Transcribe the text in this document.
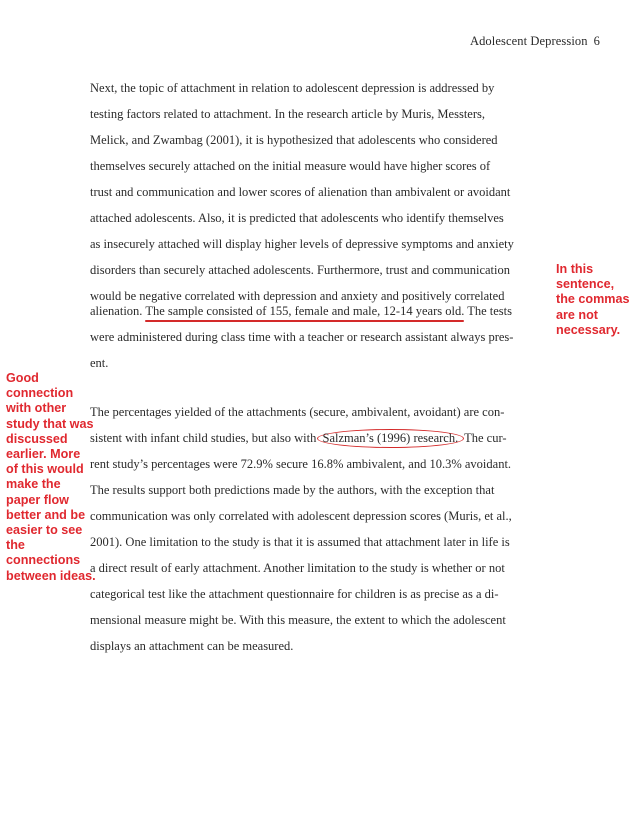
Adolescent Depression 6
Next, the topic of attachment in relation to adolescent depression is addressed by
testing factors related to attachment. In the research article by Muris, Messters,
Melick, and Zwambag (2001), it is hypothesized that adolescents who considered
themselves securely attached on the initial measure would have higher scores of
trust and communication and lower scores of alienation than ambivalent or avoidant
attached adolescents. Also, it is predicted that adolescents who identify themselves
as insecurely attached will display higher levels of depressive symptoms and anxiety
disorders than securely attached adolescents. Furthermore, trust and communication
would be negative correlated with depression and anxiety and positively correlated
alienation. The sample consisted of 155, female and male, 12-14 years old. The tests
were administered during class time with a teacher or research assistant always pres-
ent.
The percentages yielded of the attachments (secure, ambivalent, avoidant) are con-
sistent with infant child studies, but also with Salzman’s (1996) research. The cur-
rent study’s percentages were 72.9% secure 16.8% ambivalent, and 10.3% avoidant.
The results support both predictions made by the authors, with the exception that
communication was only correlated with adolescent depression scores (Muris, et al.,
2001). One limitation to the study is that it is assumed that attachment later in life is
a direct result of early attachment. Another limitation to the study is whether or not
categorical test like the attachment questionnaire for children is as precise as a di-
mensional measure might be. With this measure, the extent to which the adolescent
displays an attachment can be measured.
In this
sentence,
the commas
are not
necessary.
Good
connection
with other
study that was
discussed
earlier. More
of this would
make the
paper flow
better and be
easier to see
the
connections
between ideas.
